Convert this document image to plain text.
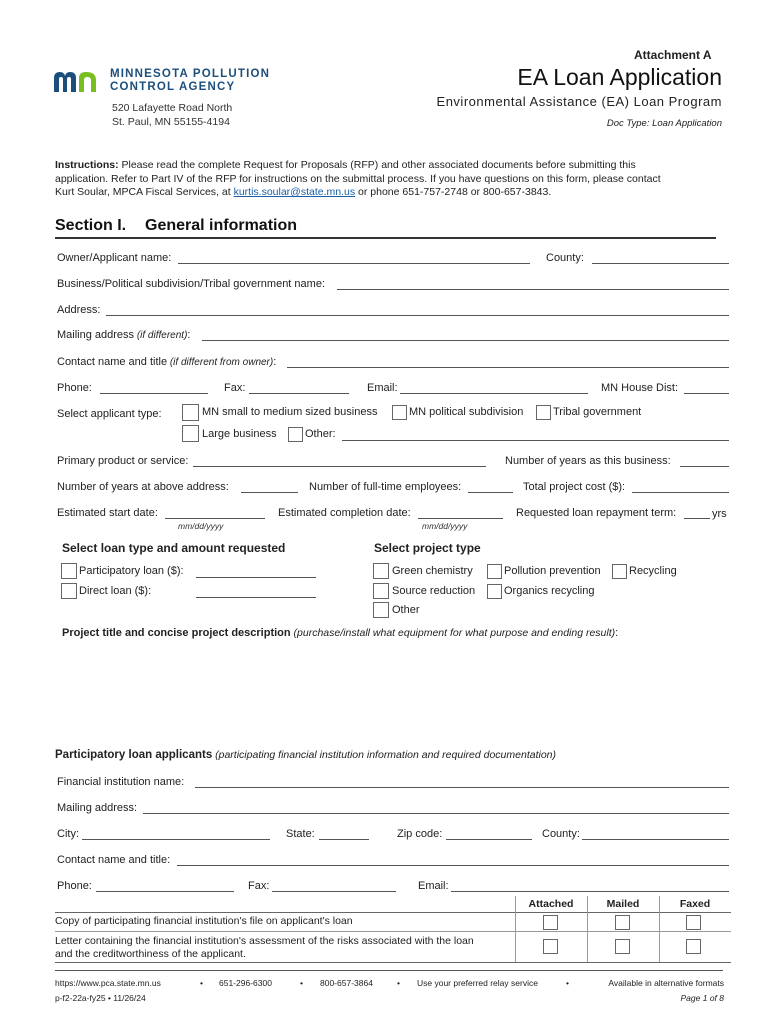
Attachment A
MINNESOTA POLLUTION
CONTROL AGENCY
520 Lafayette Road North
St. Paul, MN 55155-4194
EA Loan Application
Environmental Assistance (EA) Loan Program
Doc Type: Loan Application
Instructions: Please read the complete Request for Proposals (RFP) and other associated documents before submitting this
application. Refer to Part IV of the RFP for instructions on the submittal process. If you have questions on this form, please contact
Kurt Soular, MPCA Fiscal Services, at kurtis.soular@state.mn.us or phone 651-757-2748 or 800-657-3843.
Section I. General information
Owner/Applicant name:	County:
Business/Political subdivision/Tribal government name:
Address:
Mailing address (if different):
Contact name and title (if different from owner):
Phone:	Fax:	Email:	MN House Dist:
Select applicant type:	MN small to medium sized business	MN political subdivision	Tribal government
Large business	Other:
Primary product or service:	Number of years as this business:
Number of years at above address:	Number of full-time employees:	Total project cost ($):
Estimated start date:
mm/dd/yyyy
Estimated completion date:
mm/dd/yyyy
Requested loan repayment term:	yrs
Select loan type and amount requested
Participatory loan ($):
Direct loan ($):
Select project type
Green chemistry	Pollution prevention	Recycling
Source reduction	Organics recycling
Other
Project title and concise project description (purchase/install what equipment for what purpose and ending result):
Participatory loan applicants (participating financial institution information and required documentation)
Financial institution name:
Mailing address:
City:	State:	Zip code:	County:
Contact name and title:
Phone:	Fax:	Email:
Attached	Mailed	Faxed
Copy of participating financial institution's file on applicant's loan
Letter containing the financial institution's assessment of the risks associated with the loan
and the creditworthiness of the applicant.
https://www.pca.state.mn.us	• 651-296-6300	• 800-657-3864	• Use your preferred relay service	•	Available in alternative formats
p-f2-22a-fy25 • 11/26/24	Page 1 of 8
